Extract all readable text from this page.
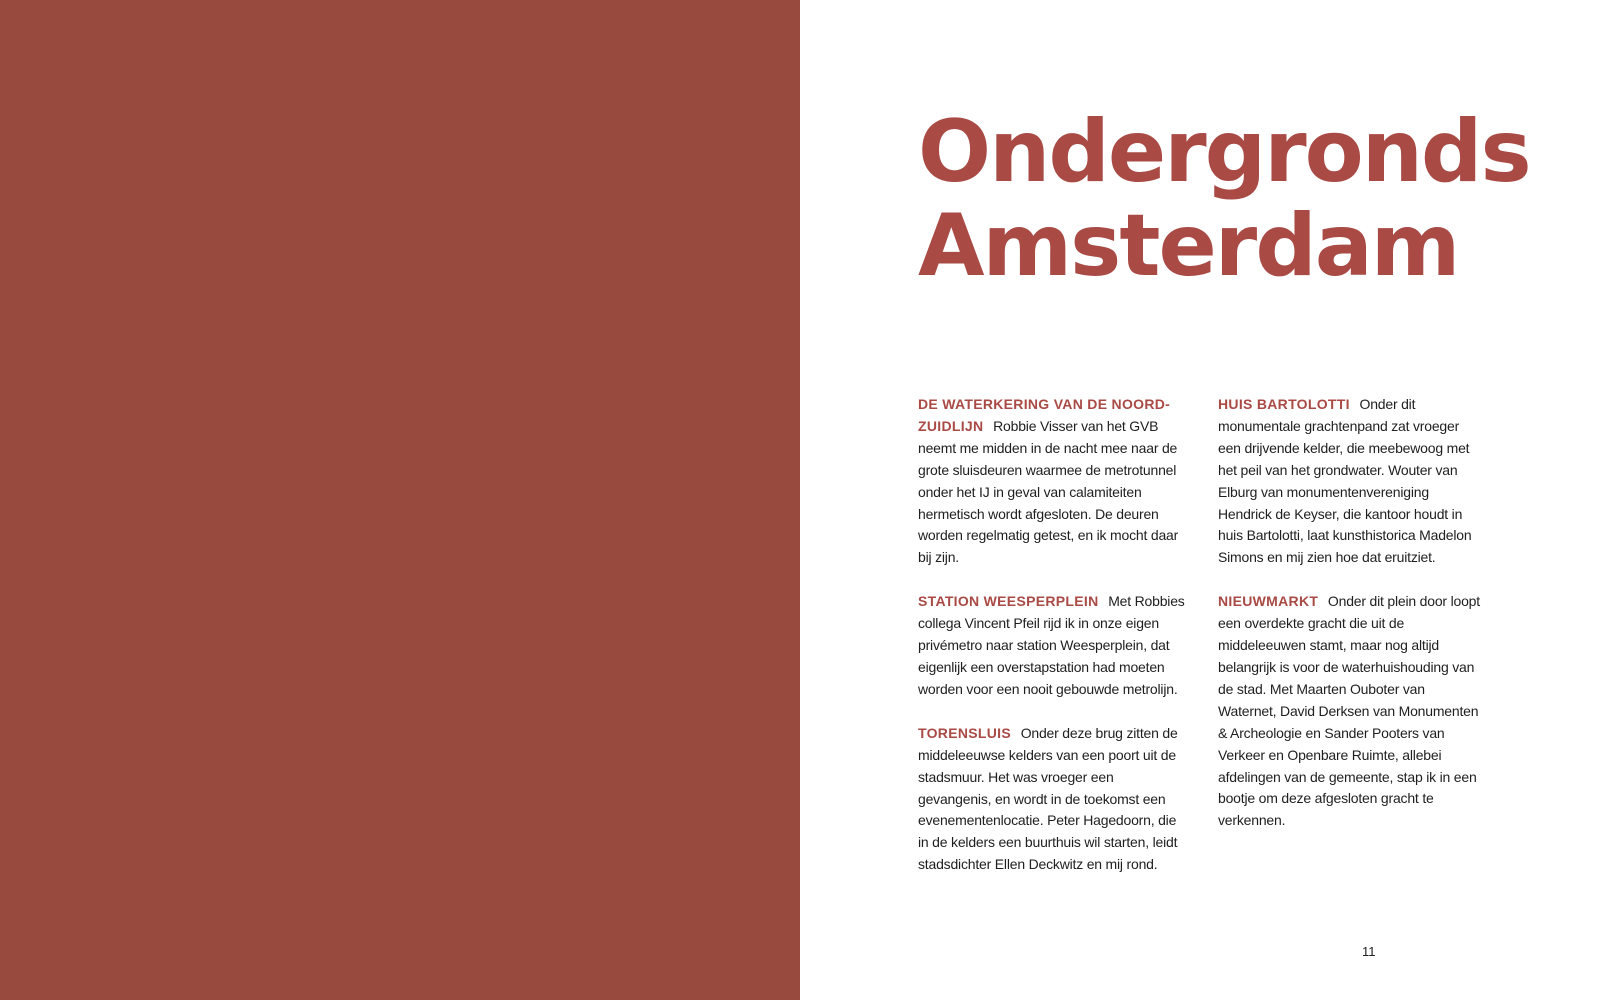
Ondergronds
Amsterdam

DE WATERKERING VAN DE NOORD-ZUIDLIJN Robbie Visser van het GVB neemt me midden in de nacht mee naar de grote sluisdeuren waarmee de metrotunnel onder het IJ in geval van calamiteiten hermetisch wordt afgesloten. De deuren worden regelmatig getest, en ik mocht daar bij zijn.

STATION WEESPERPLEIN Met Robbies collega Vincent Pfeil rijd ik in onze eigen privémetro naar station Weesperplein, dat eigenlijk een overstapstation had moeten worden voor een nooit gebouwde metrolijn.

TORENSLUIS Onder deze brug zitten de middeleeuwse kelders van een poort uit de stadsmuur. Het was vroeger een gevangenis, en wordt in de toekomst een evenementenlocatie. Peter Hagedoorn, die in de kelders een buurthuis wil starten, leidt stadsdichter Ellen Deckwitz en mij rond.

HUIS BARTOLOTTI Onder dit monumentale grachtenpand zat vroeger een drijvende kelder, die meebewoog met het peil van het grondwater. Wouter van Elburg van monumentenvereniging Hendrick de Keyser, die kantoor houdt in huis Bartolotti, laat kunsthistorica Madelon Simons en mij zien hoe dat eruitziet.

NIEUWMARKT Onder dit plein door loopt een overdekte gracht die uit de middeleeuwen stamt, maar nog altijd belangrijk is voor de waterhuishouding van de stad. Met Maarten Ouboter van Waternet, David Derksen van Monumenten & Archeologie en Sander Pooters van Verkeer en Openbare Ruimte, allebei afdelingen van de gemeente, stap ik in een bootje om deze afgesloten gracht te verkennen.

11
